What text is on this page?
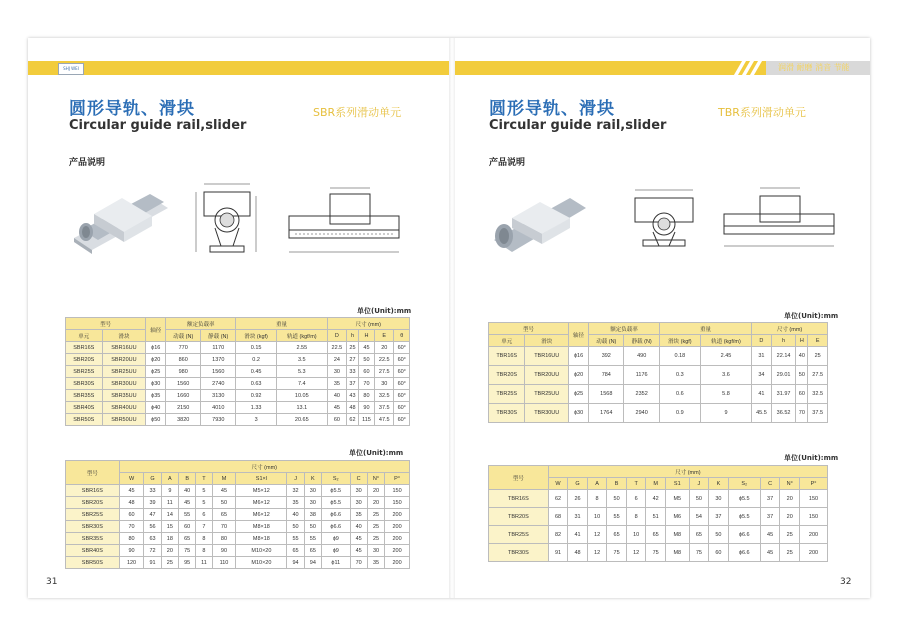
SHJ WEI	润滑 耐磨 消音 节能
圆形导轨、滑块
Circular guide rail,slider
SBR系列滑动单元
产品说明
单位(Unit):mm
单位(Unit):mm
型号		轴径	额定负载率		重量		尺寸 (mm)				
单元	滑块		动载 (N)	静载 (N)	滑块 (kgf)	轨道 (kgf/m)	D	h	H	E	θ
SBR16S	SBR16UU	ϕ16	770	1170	0.15	2.55	22.5	25	45	20	60°
SBR20S	SBR20UU	ϕ20	860	1370	0.2	3.5	24	27	50	22.5	60°
SBR25S	SBR25UU	ϕ25	980	1560	0.45	5.3	30	33	60	27.5	60°
SBR30S	SBR30UU	ϕ30	1560	2740	0.63	7.4	35	37	70	30	60°
SBR35S	SBR35UU	ϕ35	1660	3130	0.92	10.05	40	43	80	32.5	60°
SBR40S	SBR40UU	ϕ40	2150	4010	1.33	13.1	45	48	90	37.5	60°
SBR50S	SBR50UU	ϕ50	3820	7930	3	20.65	60	62	115	47.5	60°
型号	尺寸 (mm)												
	W	G	A	B	T	M	S1×l	J	K	S₂	C	N°	P°
SBR16S	45	33	9	40	5	45	M5×12	32	30	ϕ5.5	30	20	150
SBR20S	48	39	11	45	5	50	M6×12	35	30	ϕ5.5	30	20	150
SBR25S	60	47	14	55	6	65	M6×12	40	38	ϕ6.6	35	25	200
SBR30S	70	56	15	60	7	70	M8×18	50	50	ϕ6.6	40	25	200
SBR35S	80	63	18	65	8	80	M8×18	55	55	ϕ9	45	25	200
SBR40S	90	72	20	75	8	90	M10×20	65	65	ϕ9	45	30	200
SBR50S	120	91	25	95	11	110	M10×20	94	94	ϕ11	70	35	200
31
圆形导轨、滑块
Circular guide rail,slider
TBR系列滑动单元
产品说明
单位(Unit):mm
单位(Unit):mm
型号		轴径	额定负载率		重量		尺寸 (mm)			
单元	滑块		动载 (N)	静载 (N)	滑块 (kgf)	轨道 (kgf/m)	D	h	H	E
TBR16S	TBR16UU	ϕ16	392	490	0.18	2.45	31	22.14	40	25
TBR20S	TBR20UU	ϕ20	784	1176	0.3	3.6	34	29.01	50	27.5
TBR25S	TBR25UU	ϕ25	1568	2352	0.6	5.8	41	31.97	60	32.5
TBR30S	TBR30UU	ϕ30	1764	2940	0.9	9	45.5	36.52	70	37.5
型号	尺寸 (mm)												
	W	G	A	B	T	M	S1	J	K	S₂	C	N°	P°
TBR16S	62	26	8	50	6	42	M5	50	30	ϕ5.5	37	20	150
TBR20S	68	31	10	55	8	51	M6	54	37	ϕ5.5	37	20	150
TBR25S	82	41	12	65	10	65	M8	65	50	ϕ6.6	45	25	200
TBR30S	91	48	12	75	12	75	M8	75	60	ϕ6.6	45	25	200
32
